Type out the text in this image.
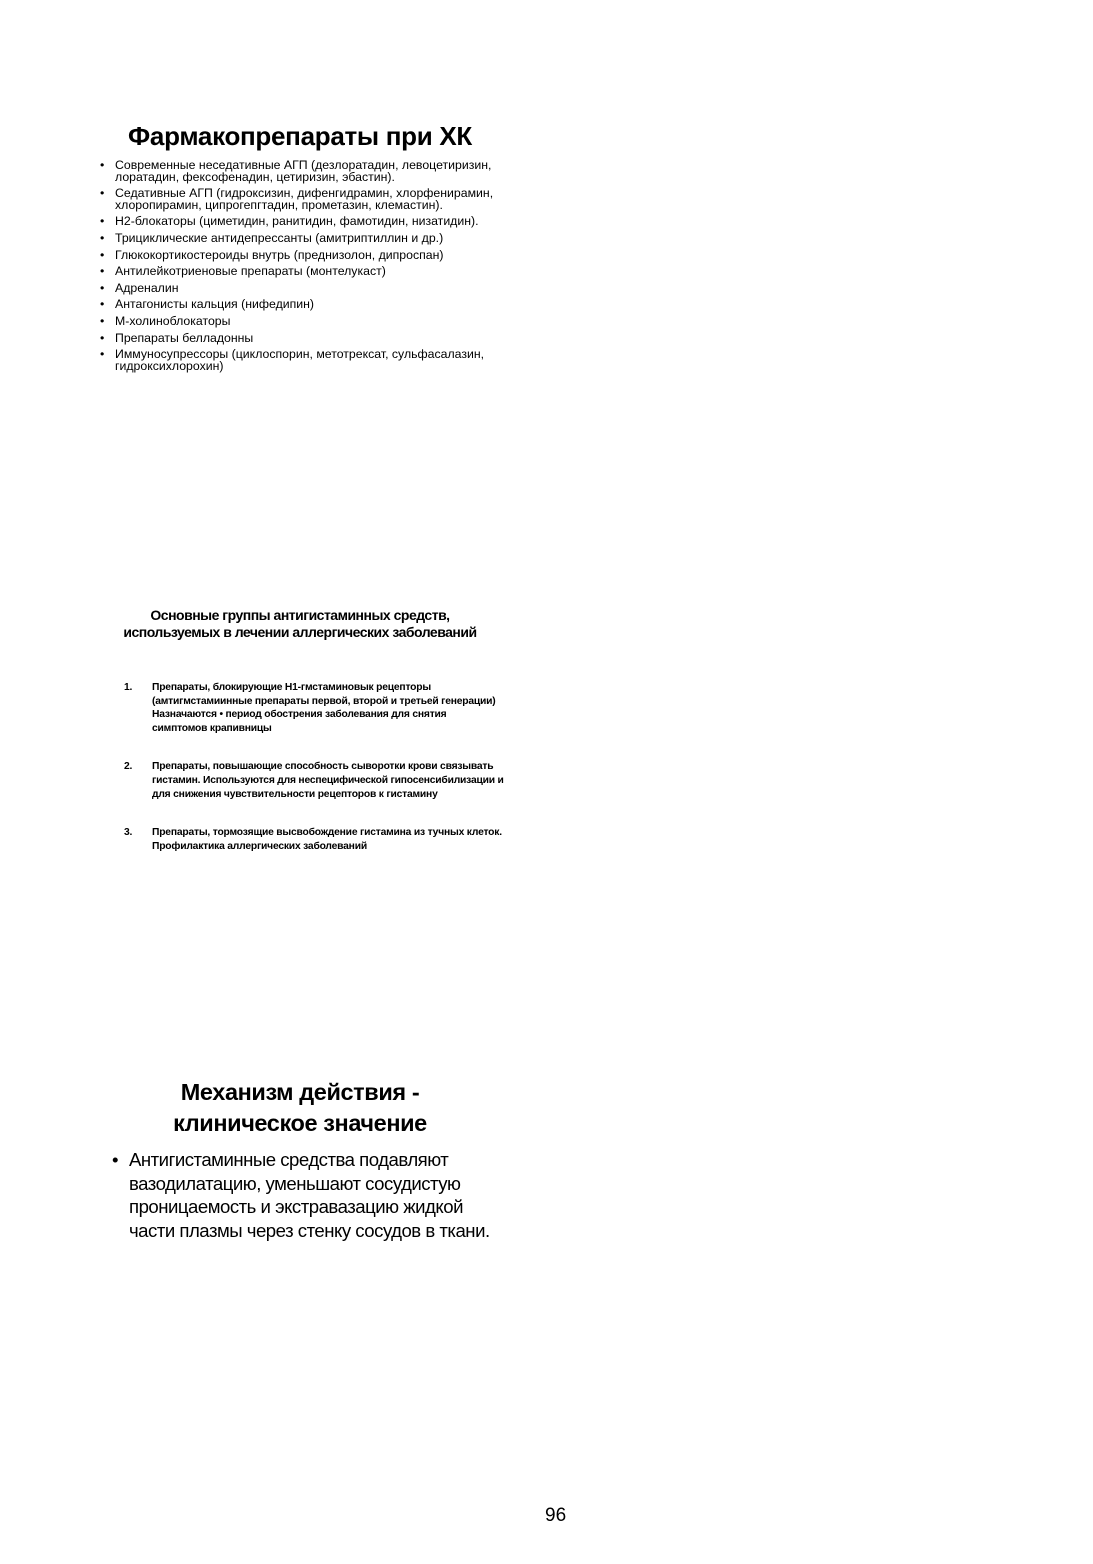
Фармакопрепараты при ХК
• Современные неседативные АГП (дезлоратадин, левоцетиризин, лоратадин, фексофенадин, цетиризин, эбастин).
• Седативные АГП (гидроксизин, дифенгидрамин, хлорфенирамин, хлоропирамин, ципрогепгтадин, прометазин, клемастин).
• Н2-блокаторы (циметидин, ранитидин, фамотидин, низатидин).
• Трициклические антидепрессанты (амитриптиллин и др.)
• Глюкокортикостероиды внутрь (преднизолон, дипроспан)
• Антилейкотриеновые препараты (монтелукаст)
• Адреналин
• Антагонисты кальция (нифедипин)
• М-холиноблокаторы
• Препараты белладонны
• Иммуносупрессоры (циклоспорин, метотрексат, сульфасалазин, гидроксихлорохин)
Основные группы антигистаминных средств,
используемых в лечении аллергических заболеваний
1. Препараты, блокирующие Н1-гмстаминовык рецепторы (амтигмстамиинные препараты первой, второй и третьей генерации) Назначаются • период обострения заболевания для снятия симптомов крапивницы
2. Препараты, повышающие способность сыворотки крови связывать гистамин. Используются для неспецифической гипосенсибилизации и для снижения чувствительности рецепторов к гистамину
3. Препараты, тормозящие высвобождение гистамина из тучных клеток. Профилактика аллергических заболеваний
Механизм действия -
клиническое значение
• Антигистаминные средства подавляют вазодилатацию, уменьшают сосудистую проницаемость и экстравазацию жидкой части плазмы через стенку сосудов в ткани.

96
